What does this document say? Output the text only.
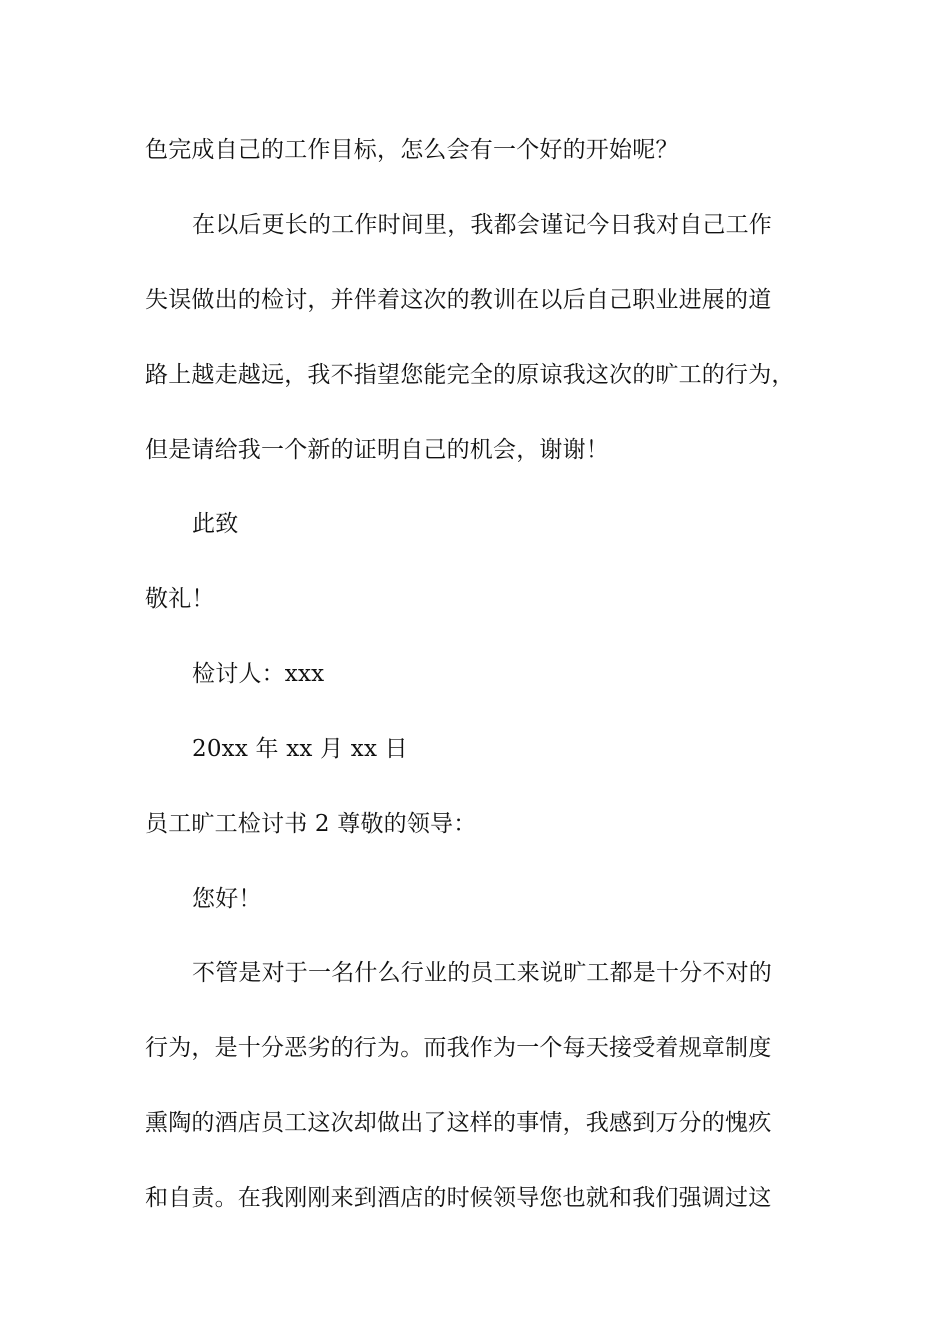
色完成自己的工作目标，怎么会有一个好的开始呢？
在以后更长的工作时间里，我都会谨记今日我对自己工作
失误做出的检讨，并伴着这次的教训在以后自己职业进展的道
路上越走越远，我不指望您能完全的原谅我这次的旷工的行为，
但是请给我一个新的证明自己的机会，谢谢！
此致
敬礼！
检讨人：xxx
20xx 年 xx 月 xx 日
员工旷工检讨书 2 尊敬的领导：
您好！
不管是对于一名什么行业的员工来说旷工都是十分不对的
行为，是十分恶劣的行为。而我作为一个每天接受着规章制度
熏陶的酒店员工这次却做出了这样的事情，我感到万分的愧疚
和自责。在我刚刚来到酒店的时候领导您也就和我们强调过这
